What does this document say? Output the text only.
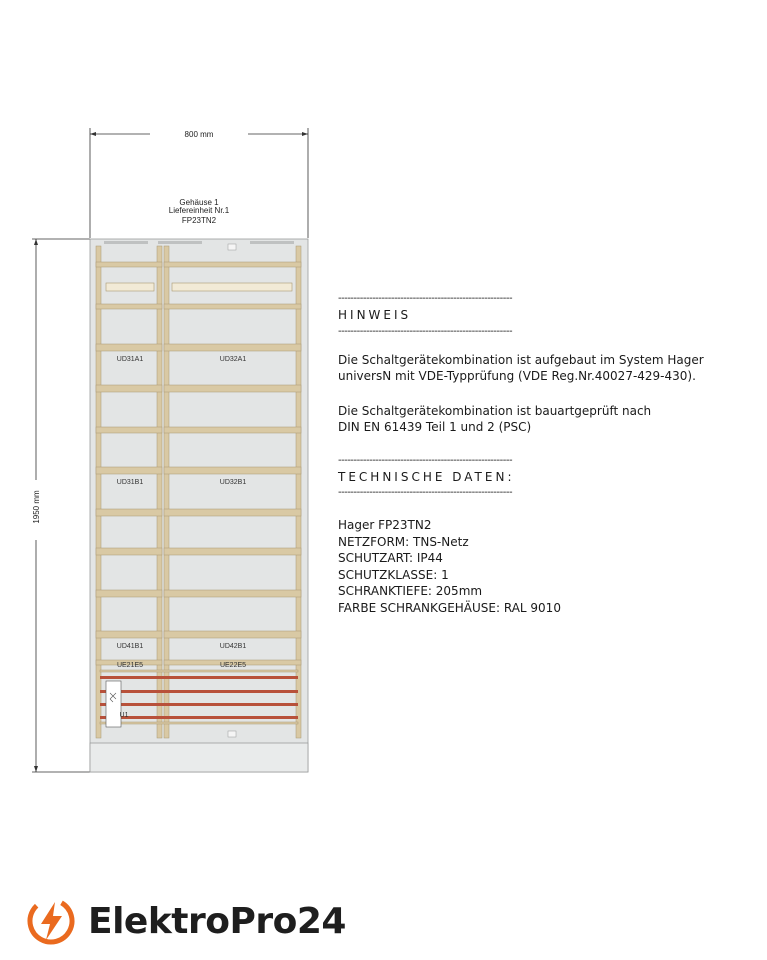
800 mm
1950 mm
Gehäuse 1
Liefereinheit Nr.1
FP23TN2
UD31A1	UD32A1
UD31B1	UD32B1
UD41B1	UD42B1
UE21E5	UE22E5
U1
--------------------------------------------------------
HINWEIS
--------------------------------------------------------

Die Schaltgerätekombination ist aufgebaut im System Hager

universN mit VDE-Typprüfung (VDE Reg.Nr.40027-429-430).

Die Schaltgerätekombination ist bauartgeprüft nach

DIN EN 61439 Teil 1 und 2 (PSC)

--------------------------------------------------------
TECHNISCHE DATEN:
--------------------------------------------------------

Hager FP23TN2

NETZFORM: TNS-Netz

SCHUTZART: IP44

SCHUTZKLASSE: 1

SCHRANKTIEFE: 205mm

FARBE SCHRANKGEHÄUSE: RAL 9010

ElektroPro24
